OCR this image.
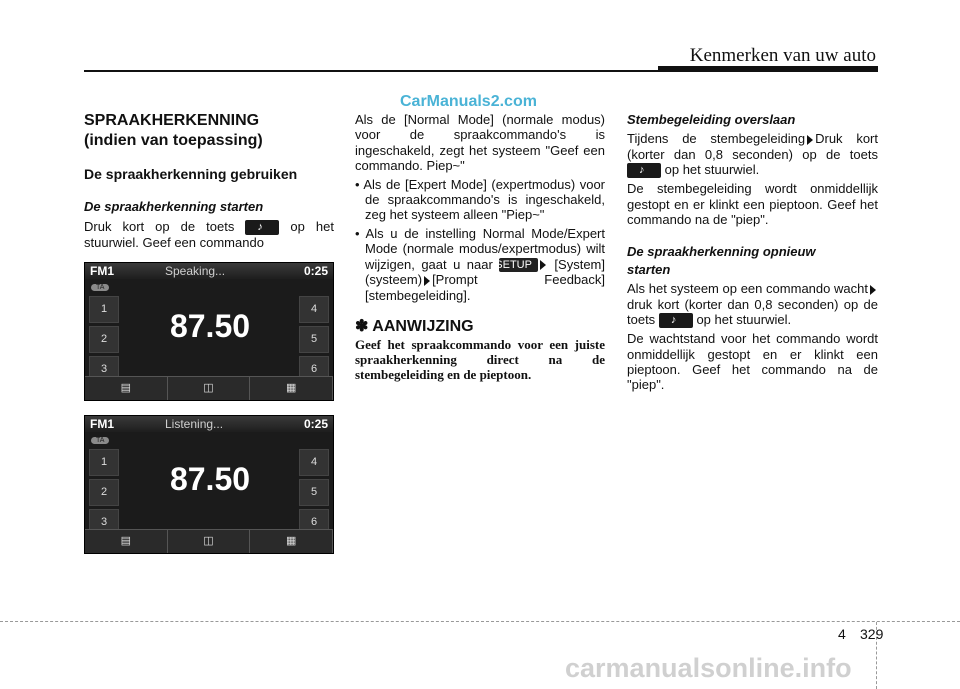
Kenmerken van uw auto
CarManuals2.com

SPRAAKHERKENNING

(indien van toepassing)

De spraakherkenning gebruiken

De spraakherkenning starten

Druk kort op de toets ♪ op het stuurwiel. Geef een commando

FM1	Speaking...	0:25
TA
1
2
3
4
5
6
87.50
▤	◫	▦
FM1	Listening...	0:25
TA
1
2
3
4
5
6
87.50
▤	◫	▦

Als de [Normal Mode] (normale modus) voor de spraakcommando's is ingeschakeld, zegt het systeem "Geef een commando. Piep~"

• Als de [Expert Mode] (expertmodus) voor de spraakcommando's is ingeschakeld, zeg het systeem alleen "Piep~"

• Als u de instelling Normal Mode/Expert Mode (normale modus/expertmodus) wilt wijzigen, gaat u naar SETUP [System] (systeem) [Prompt Feedback] [stembegeleiding].

✽ AANWIJZING

Geef het spraakcommando voor een juiste spraakherkenning direct na de stembegeleiding en de pieptoon.

Stembegeleiding overslaan

Tijdens de stembegeleiding Druk kort (korter dan 0,8 seconden) op de toets
♪ op het stuurwiel.

De stembegeleiding wordt onmiddellijk gestopt en er klinkt een pieptoon. Geef het commando na de "piep".

De spraakherkenning opnieuw

starten

Als het systeem op een commando wachtdruk kort (korter dan 0,8 seconden) op de toets ♪ op het stuurwiel.

De wachtstand voor het commando wordt onmiddellijk gestopt en er klinkt een pieptoon. Geef het commando na de "piep".

4 329
carmanualsonline.info
